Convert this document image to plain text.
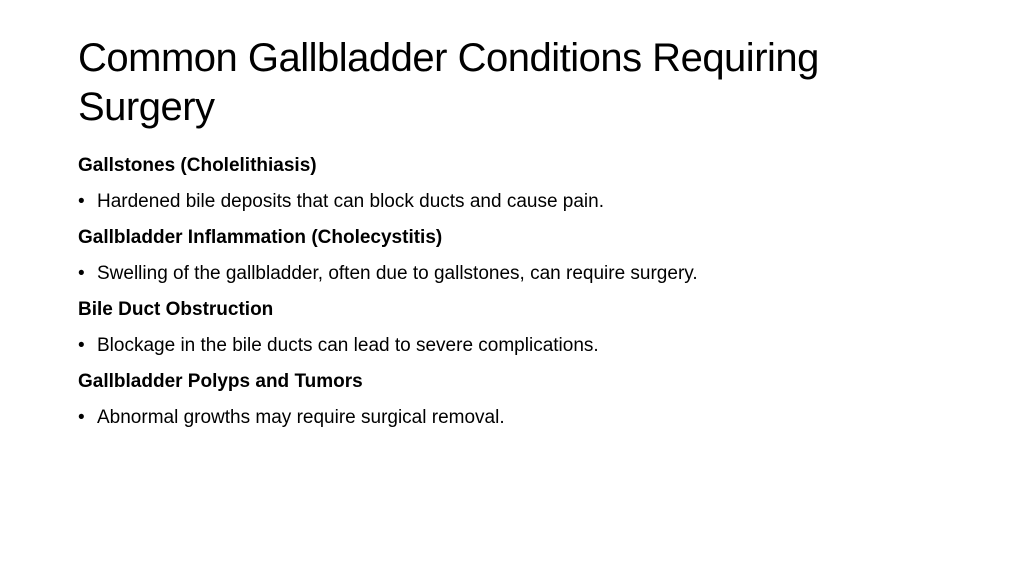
Common Gallbladder Conditions Requiring Surgery
Gallstones (Cholelithiasis)
• Hardened bile deposits that can block ducts and cause pain.
Gallbladder Inflammation (Cholecystitis)
• Swelling of the gallbladder, often due to gallstones, can require surgery.
Bile Duct Obstruction
• Blockage in the bile ducts can lead to severe complications.
Gallbladder Polyps and Tumors
• Abnormal growths may require surgical removal.
